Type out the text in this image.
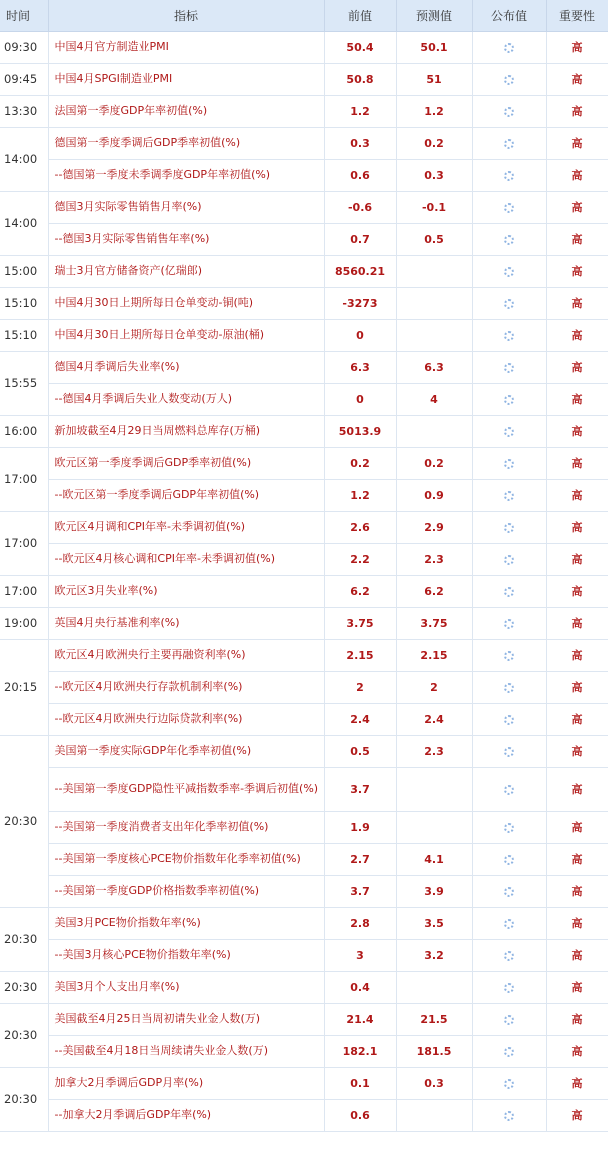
时间	指标	前值	预测值	公布值	重要性
09:30	中国4月官方制造业PMI	50.4	50.1		高
09:45	中国4月SPGI制造业PMI	50.8	51		高
13:30	法国第一季度GDP年率初值(%)	1.2	1.2		高
14:00	德国第一季度季调后GDP季率初值(%)	0.3	0.2		高
	--德国第一季度未季调季度GDP年率初值(%)	0.6	0.3		高
14:00	德国3月实际零售销售月率(%)	-0.6	-0.1		高
	--德国3月实际零售销售年率(%)	0.7	0.5		高
15:00	瑞士3月官方储备资产(亿瑞郎)	8560.21			高
15:10	中国4月30日上期所每日仓单变动-铜(吨)	-3273			高
15:10	中国4月30日上期所每日仓单变动-原油(桶)	0			高
15:55	德国4月季调后失业率(%)	6.3	6.3		高
	--德国4月季调后失业人数变动(万人)	0	4		高
16:00	新加坡截至4月29日当周燃料总库存(万桶)	5013.9			高
17:00	欧元区第一季度季调后GDP季率初值(%)	0.2	0.2		高
	--欧元区第一季度季调后GDP年率初值(%)	1.2	0.9		高
17:00	欧元区4月调和CPI年率-未季调初值(%)	2.6	2.9		高
	--欧元区4月核心调和CPI年率-未季调初值(%)	2.2	2.3		高
17:00	欧元区3月失业率(%)	6.2	6.2		高
19:00	英国4月央行基准利率(%)	3.75	3.75		高
20:15	欧元区4月欧洲央行主要再融资利率(%)	2.15	2.15		高
	--欧元区4月欧洲央行存款机制利率(%)	2	2		高
	--欧元区4月欧洲央行边际贷款利率(%)	2.4	2.4		高
20:30	美国第一季度实际GDP年化季率初值(%)	0.5	2.3		高
	--美国第一季度GDP隐性平减指数季率-季调后初值(%)	3.7			高
	--美国第一季度消费者支出年化季率初值(%)	1.9			高
	--美国第一季度核心PCE物价指数年化季率初值(%)	2.7	4.1		高
	--美国第一季度GDP价格指数季率初值(%)	3.7	3.9		高
20:30	美国3月PCE物价指数年率(%)	2.8	3.5		高
	--美国3月核心PCE物价指数年率(%)	3	3.2		高
20:30	美国3月个人支出月率(%)	0.4			高
20:30	美国截至4月25日当周初请失业金人数(万)	21.4	21.5		高
	--美国截至4月18日当周续请失业金人数(万)	182.1	181.5		高
20:30	加拿大2月季调后GDP月率(%)	0.1	0.3		高
	--加拿大2月季调后GDP年率(%)	0.6			高
